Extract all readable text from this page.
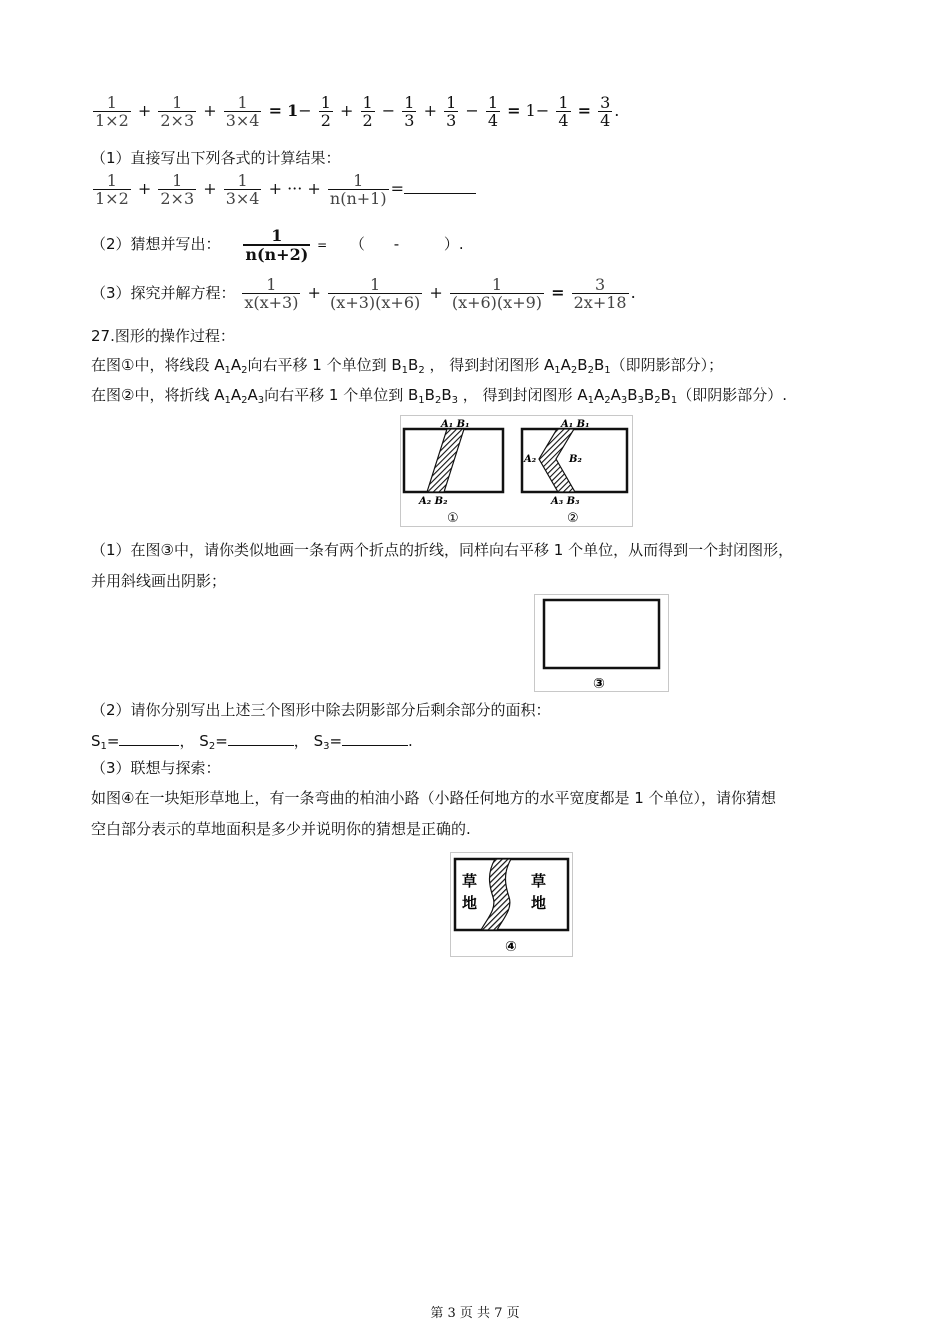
$\frac{1}{1\times 2} + \frac{1}{2\times 3} + \frac{1}{3\times 4} = 1- \frac{1}{2} + \frac{1}{2} - \frac{1}{3} + \frac{1}{3} - \frac{1}{4} = 1- \frac{1}{4} = \frac{3}{4}$ .
（1）直接写出下列各式的计算结果：
$\frac{1}{1\times 2} + \frac{1}{2\times 3} + \frac{1}{3\times 4}$ + ··· + $\frac{1}{n(n+1)}$ =
（2）猜想并写出： $\frac{1}{n(n+2)}$ = （ -	）.
（3）探究并解方程： $\frac{1}{x(x+3)} + \frac{1}{(x+3)(x+6)} + \frac{1}{(x+6)(x+9)} = \frac{3}{2x+18}$ .
27.图形的操作过程：
在图①中，将线段 $A_1A_2$向右平移 1 个单位到 $B_1B_2$ ， 得到封闭图形 $A_1A_2B_2B_1$（即阴影部分）；
在图②中，将折线 $A_1A_2A_3$向右平移 1 个单位到 $B_1B_2B_3$ ， 得到封闭图形 $A_1A_2A_3B_3B_2B_1$（即阴影部分）.
A₁ B₁
A₂ B₂
①
A₁ B₁
A₂	B₂
A₃ B₃
②
（1）在图③中，请你类似地画一条有两个折点的折线，同样向右平移 1 个单位，从而得到一个封闭图形，
并用斜线画出阴影；
③
（2）请你分别写出上述三个图形中除去阴影部分后剩余部分的面积：
$S_1=$	， $S_2=$	， $S_3=$	.
（3）联想与探索：
如图④在一块矩形草地上，有一条弯曲的柏油小路（小路任何地方的水平宽度都是 1 个单位），请你猜想
空白部分表示的草地面积是多少并说明你的猜想是正确的.
草
地
草
地
④
第 3 页 共 7 页
